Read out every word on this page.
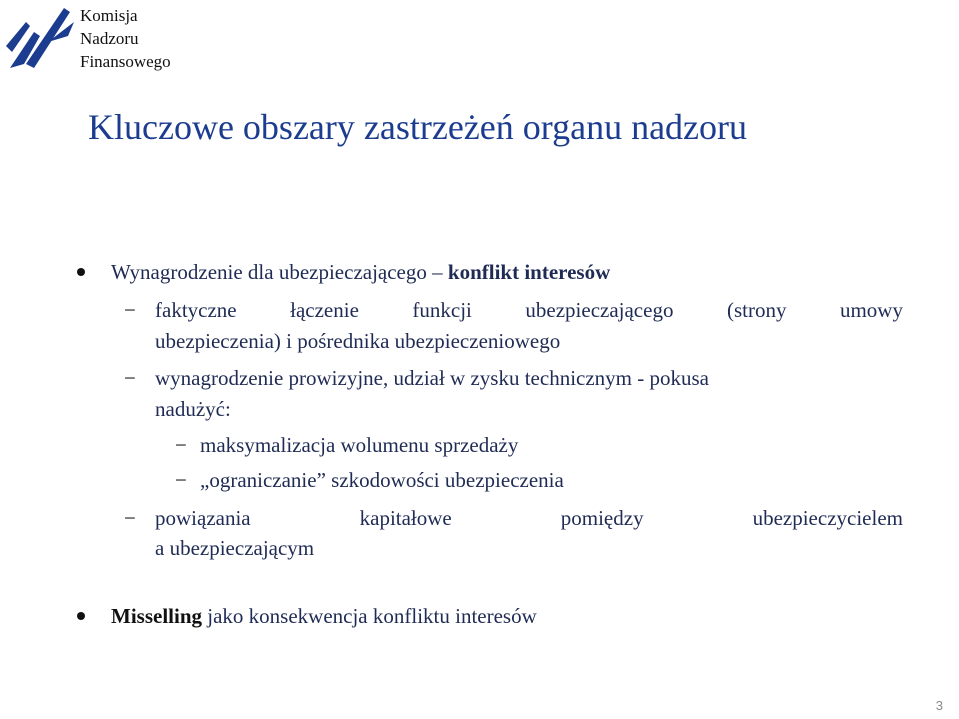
Komisja
Nadzoru
Finansowego
Kluczowe obszary zastrzeżeń organu nadzoru
Wynagrodzenie dla ubezpieczającego – konflikt interesów
− faktyczne	łączenie	funkcji	ubezpieczającego	(strony	umowy
ubezpieczenia) i pośrednika ubezpieczeniowego
− wynagrodzenie prowizyjne, udział w zysku technicznym - pokusa
nadużyć:
− maksymalizacja wolumenu sprzedaży
− „ograniczanie” szkodowości ubezpieczenia
− powiązania	kapitałowe	pomiędzy	ubezpieczycielem
a ubezpieczającym
Misselling jako konsekwencja konfliktu interesów
3
